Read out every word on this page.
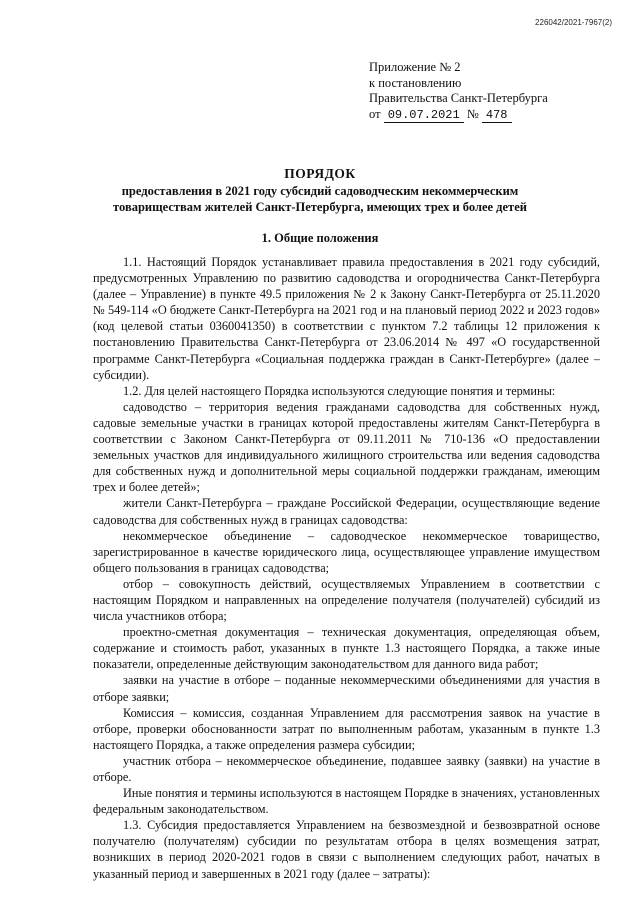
226042/2021-7967(2)
Приложение № 2
к постановлению
Правительства Санкт-Петербурга
от 09.07.2021 № 478
ПОРЯДОК
предоставления в 2021 году субсидий садоводческим некоммерческим
товариществам жителей Санкт-Петербурга, имеющих трех и более детей
1. Общие положения

1.1. Настоящий Порядок устанавливает правила предоставления в 2021 году субсидий, предусмотренных Управлению по развитию садоводства и огородничества Санкт-Петербурга (далее – Управление) в пункте 49.5 приложения № 2 к Закону Санкт-Петербурга от 25.11.2020 № 549-114 «О бюджете Санкт-Петербурга на 2021 год и на плановый период 2022 и 2023 годов» (код целевой статьи 0360041350) в соответствии с пунктом 7.2 таблицы 12 приложения к постановлению Правительства Санкт-Петербурга от 23.06.2014 № 497 «О государственной программе Санкт-Петербурга «Социальная поддержка граждан в Санкт-Петербурге» (далее – субсидии).

1.2. Для целей настоящего Порядка используются следующие понятия и термины:

садоводство – территория ведения гражданами садоводства для собственных нужд, садовые земельные участки в границах которой предоставлены жителям Санкт-Петербурга в соответствии с Законом Санкт-Петербурга от 09.11.2011 № 710-136 «О предоставлении земельных участков для индивидуального жилищного строительства или ведения садоводства для собственных нужд и дополнительной меры социальной поддержки гражданам, имеющим трех и более детей»;

жители Санкт-Петербурга – граждане Российской Федерации, осуществляющие ведение садоводства для собственных нужд в границах садоводства:

некоммерческое объединение – садоводческое некоммерческое товарищество, зарегистрированное в качестве юридического лица, осуществляющее управление имуществом общего пользования в границах садоводства;

отбор – совокупность действий, осуществляемых Управлением в соответствии с настоящим Порядком и направленных на определение получателя (получателей) субсидий из числа участников отбора;

проектно-сметная документация – техническая документация, определяющая объем, содержание и стоимость работ, указанных в пункте 1.3 настоящего Порядка, а также иные показатели, определенные действующим законодательством для данного вида работ;

заявки на участие в отборе – поданные некоммерческими объединениями для участия в отборе заявки;

Комиссия – комиссия, созданная Управлением для рассмотрения заявок на участие в отборе, проверки обоснованности затрат по выполненным работам, указанным в пункте 1.3 настоящего Порядка, а также определения размера субсидии;

участник отбора – некоммерческое объединение, подавшее заявку (заявки) на участие в отборе.

Иные понятия и термины используются в настоящем Порядке в значениях, установленных федеральным законодательством.

1.3. Субсидия предоставляется Управлением на безвозмездной и безвозвратной основе получателю (получателям) субсидии по результатам отбора в целях возмещения затрат, возникших в период 2020-2021 годов в связи с выполнением следующих работ, начатых в указанный период и завершенных в 2021 году (далее – затраты):
